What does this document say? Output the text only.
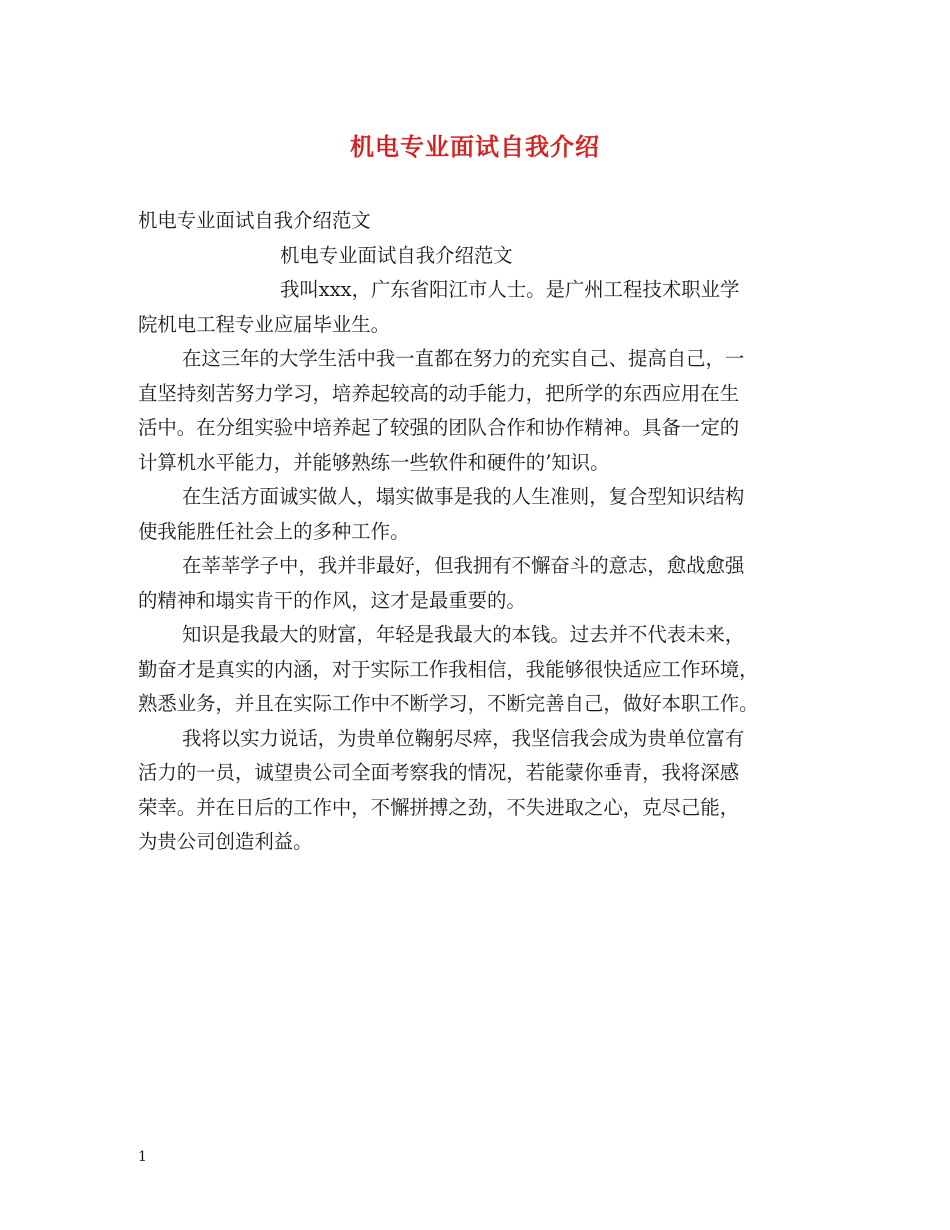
机电专业面试自我介绍
机电专业面试自我介绍范文
机电专业面试自我介绍范文
我叫xxx，广东省阳江市人士。是广州工程技术职业学
院机电工程专业应届毕业生。
在这三年的大学生活中我一直都在努力的充实自己、提高自己，一
直坚持刻苦努力学习，培养起较高的动手能力，把所学的东西应用在生
活中。在分组实验中培养起了较强的团队合作和协作精神。具备一定的
计算机水平能力，并能够熟练一些软件和硬件的’知识。
在生活方面诚实做人，塌实做事是我的人生准则，复合型知识结构
使我能胜任社会上的多种工作。
在莘莘学子中，我并非最好，但我拥有不懈奋斗的意志，愈战愈强
的精神和塌实肯干的作风，这才是最重要的。
知识是我最大的财富，年轻是我最大的本钱。过去并不代表未来，
勤奋才是真实的内涵，对于实际工作我相信，我能够很快适应工作环境，
熟悉业务，并且在实际工作中不断学习，不断完善自己，做好本职工作。
我将以实力说话，为贵单位鞠躬尽瘁，我坚信我会成为贵单位富有
活力的一员，诚望贵公司全面考察我的情况，若能蒙你垂青，我将深感
荣幸。并在日后的工作中，不懈拼搏之劲，不失进取之心，克尽己能，
为贵公司创造利益。
1
